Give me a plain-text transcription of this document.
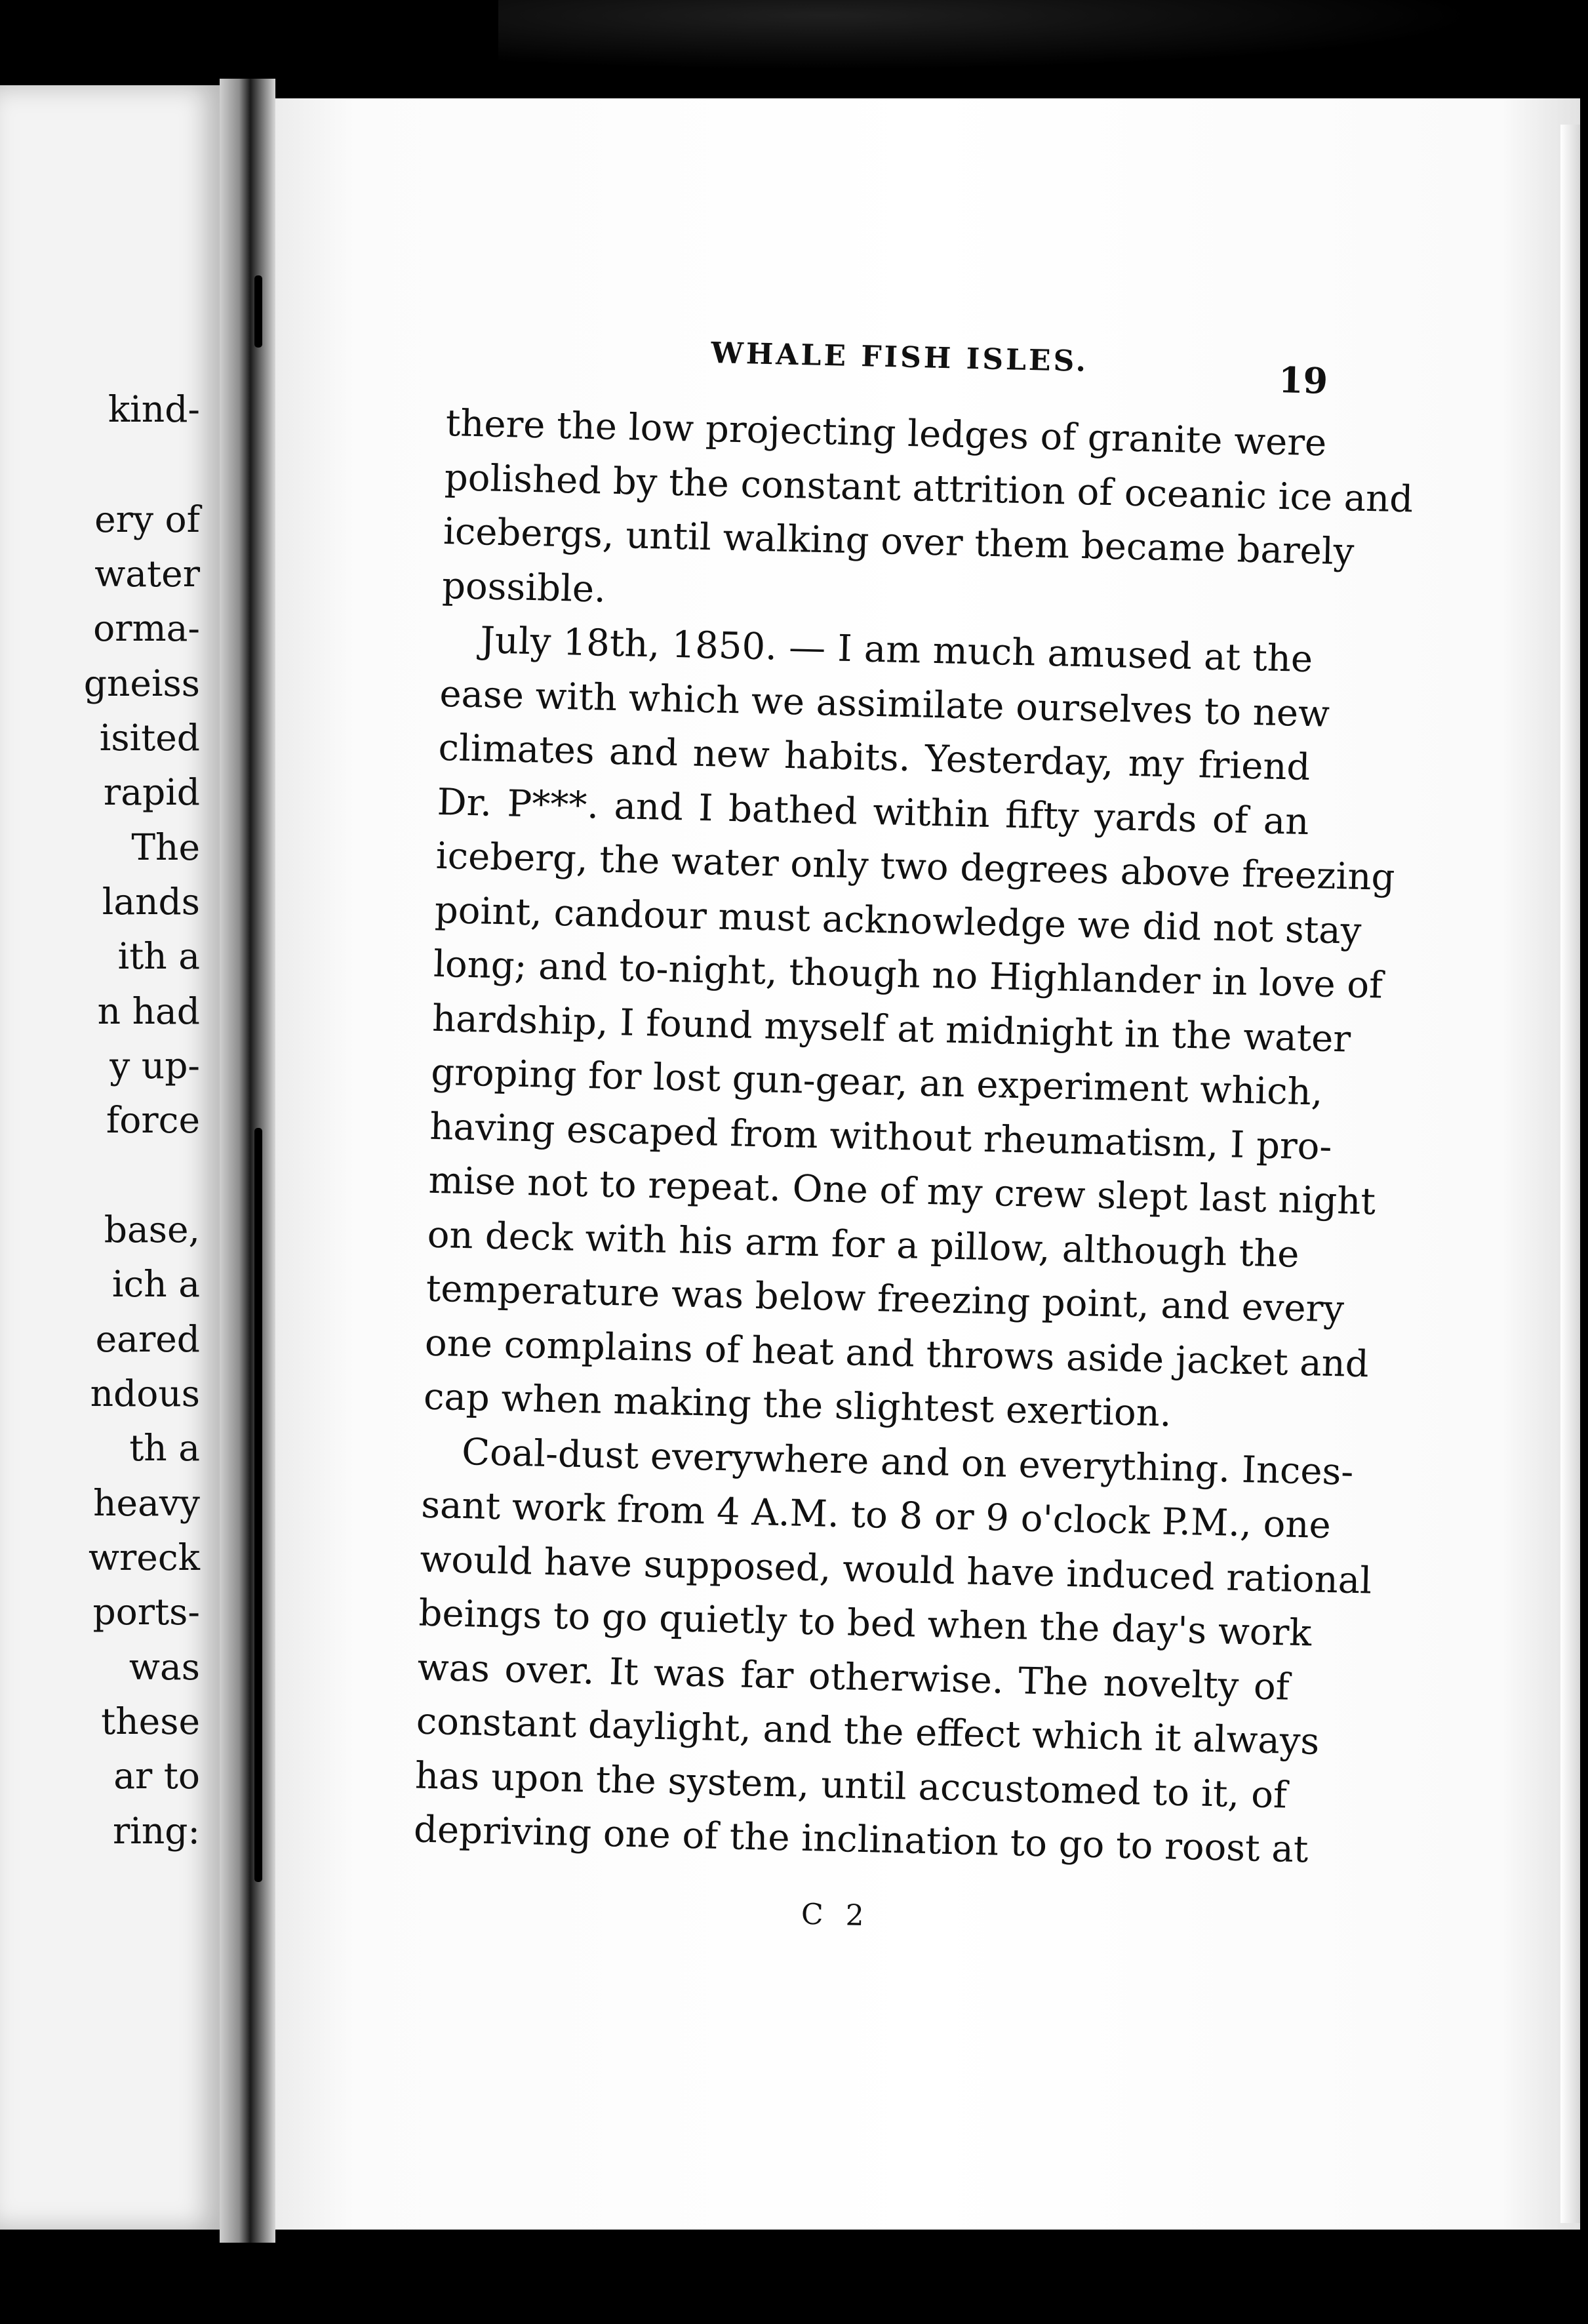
kind-
ery of
water
orma-
gneiss
isited
rapid
The
lands
ith a
n had
y up-
force
base,
ich a
eared
ndous
th a
heavy
wreck
ports-
was
these
ar to
ring:
WHALE FISH ISLES.
19
there the low projecting ledges of granite were
polished by the constant attrition of oceanic ice and
icebergs, until walking over them became barely
possible.
July 18th, 1850. — I am much amused at the
ease with which we assimilate ourselves to new
climates and new habits. Yesterday, my friend
Dr. P***. and I bathed within fifty yards of an
iceberg, the water only two degrees above freezing
point, candour must acknowledge we did not stay
long; and to-night, though no Highlander in love of
hardship, I found myself at midnight in the water
groping for lost gun-gear, an experiment which,
having escaped from without rheumatism, I pro-
mise not to repeat. One of my crew slept last night
on deck with his arm for a pillow, although the
temperature was below freezing point, and every
one complains of heat and throws aside jacket and
cap when making the slightest exertion.
Coal-dust everywhere and on everything. Inces-
sant work from 4 A.M. to 8 or 9 o'clock P.M., one
would have supposed, would have induced rational
beings to go quietly to bed when the day's work
was over. It was far otherwise. The novelty of
constant daylight, and the effect which it always
has upon the system, until accustomed to it, of
depriving one of the inclination to go to roost at
C 2
